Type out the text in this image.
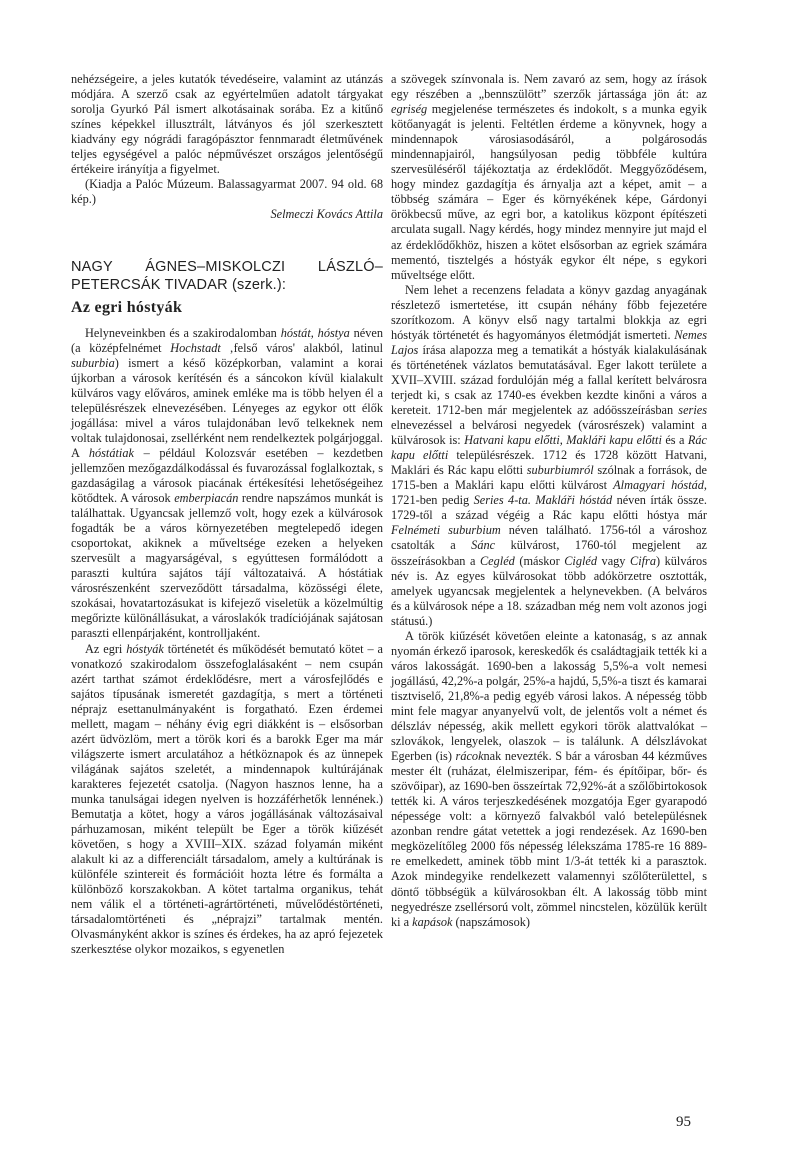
nehézségeire, a jeles kutatók tévedéseire, valamint az utánzás módjára. A szerző csak az egyértelműen adatolt tárgyakat sorolja Gyurkó Pál ismert alkotásainak sorába. Ez a kitűnő színes képekkel illusztrált, látványos és jól szerkesztett kiadvány egy nógrádi faragópásztor fennmaradt életművének teljes egységével a palóc népművészet országos jelentőségű értékeire irányítja a figyelmet.

(Kiadja a Palóc Múzeum. Balassagyarmat 2007. 94 old. 68 kép.)

Selmeczi Kovács Attila

NAGY ÁGNES–MISKOLCZI LÁSZLÓ–PETERCSÁK TIVADAR (szerk.):
Az egri hóstyák

Helyneveinkben és a szakirodalomban hóstát, hóstya néven (a középfelnémet Hochstadt ‚felső város' alakból, latinul suburbia) ismert a késő középkorban, valamint a korai újkorban a városok kerítésén és a sáncokon kívül kialakult külváros vagy előváros, aminek emléke ma is több helyen él a településrészek elnevezésében. Lényeges az egykor ott élők jogállása: mivel a város tulajdonában levő telkeknek nem voltak tulajdonosai, zsellérként nem rendelkeztek polgárjoggal. A hóstátiak – például Kolozsvár esetében – kezdetben jellemzően mezőgazdálkodással és fuvarozással foglalkoztak, s gazdaságilag a városok piacának értékesítési lehetőségeihez kötődtek. A városok emberpiacán rendre napszámos munkát is találhattak. Ugyancsak jellemző volt, hogy ezek a külvárosok fogadták be a város környezetében megtelepedő idegen csoportokat, akiknek a műveltsége ezeken a helyeken szervesült a magyarságéval, s egyúttesen formálódott a paraszti kultúra sajátos tájí változataivá. A hóstátiak városrészenként szerveződött társadalma, közösségi élete, szokásai, hovatartozásukat is kifejező viseletük a közelmúltig megőrizte különállásukat, a városlakók tradíciójának sajátosan paraszti ellenpárjaként, kontrolljaként.

Az egri hóstyák történetét és működését bemutató kötet – a vonatkozó szakirodalom összefoglalásaként – nem csupán azért tarthat számot érdeklődésre, mert a városfejlődés e sajátos típusának ismeretét gazdagítja, s mert a történeti néprajz esettanulmányaként is forgatható. Ezen érdemei mellett, magam – néhány évig egri diákként is – elsősorban azért üdvözlöm, mert a török kori és a barokk Eger ma már világszerte ismert arculatához a hétköznapok és az ünnepek világának sajátos szeletét, a mindennapok kultúrájának karakteres fejezetét csatolja. (Nagyon hasznos lenne, ha a munka tanulságai idegen nyelven is hozzáférhetők lennének.) Bemutatja a kötet, hogy a város jogállásának változásaival párhuzamosan, miként települt be Eger a török kiűzését követően, s hogy a XVIII–XIX. század folyamán miként alakult ki az a differenciált társadalom, amely a kultúrának is különféle szintereit és formációit hozta létre és formálta a különböző korszakokban. A kötet tartalma organikus, tehát nem válik el a történeti-agrártörténeti, művelődéstörténeti, társadalomtörténeti és „néprajzi” tartalmak mentén. Olvasmányként akkor is színes és érdekes, ha az apró fejezetek szerkesztése olykor mozaikos, s egyenetlen

a szövegek színvonala is. Nem zavaró az sem, hogy az írások egy részében a „bennszülött” szerzők jártassága jön át: az egriség megjelenése természetes és indokolt, s a munka egyik kötőanyagát is jelenti. Feltétlen érdeme a könyvnek, hogy a mindennapok városiasodásáról, a polgárosodás mindennapjairól, hangsúlyosan pedig többféle kultúra szervesüléséről tájékoztatja az érdeklődőt. Meggyőződésem, hogy mindez gazdagítja és árnyalja azt a képet, amit – a többség számára – Eger és környékének képe, Gárdonyi örökbecsű műve, az egri bor, a katolikus központ építészeti arculata sugall. Nagy kérdés, hogy mindez mennyire jut majd el az érdeklődőkhöz, hiszen a kötet elsősorban az egriek számára mementó, tisztelgés a hóstyák egykor élt népe, s egykori műveltsége előtt.

Nem lehet a recenzens feladata a könyv gazdag anyagának részletező ismertetése, itt csupán néhány főbb fejezetére szorítkozom. A könyv első nagy tartalmi blokkja az egri hóstyák történetét és hagyományos életmódját ismerteti. Nemes Lajos írása alapozza meg a tematikát a hóstyák kialakulásának és történetének vázlatos bemutatásával. Eger lakott területe a XVII–XVIII. század fordulóján még a fallal kerített belvárosra terjedt ki, s csak az 1740-es években kezdte kinőni a város a kereteit. 1712-ben már megjelentek az adóösszeírásban series elnevezéssel a belvárosi negyedek (városrészek) valamint a külvárosok is: Hatvani kapu előtti, Makláři kapu előtti és a Rác kapu előtti településrészek. 1712 és 1728 között Hatvani, Maklári és Rác kapu előtti suburbiumról szólnak a források, de 1715-ben a Maklári kapu előtti külvárost Almagyari hóstád, 1721-ben pedig Series 4-ta. Makláři hóstád néven írták össze. 1729-től a század végéig a Rác kapu előtti hóstya már Felnémeti suburbium néven található. 1756-tól a városhoz csatolták a Sánc külvárost, 1760-tól megjelent az összeírásokban a Cegléd (máskor Cigléd vagy Cifra) külváros név is. Az egyes külvárosokat több adókörzetre osztották, amelyek ugyancsak megjelentek a helynevekben. (A belváros és a külvárosok népe a 18. században még nem volt azonos jogi státusú.)

A török kiűzését követően eleinte a katonaság, s az annak nyomán érkező iparosok, kereskedők és családtagjaik tették ki a város lakosságát. 1690-ben a lakosság 5,5%-a volt nemesi jogállású, 42,2%-a polgár, 25%-a hajdú, 5,5%-a tiszt és kamarai tisztviselő, 21,8%-a pedig egyéb városi lakos. A népesség több mint fele magyar anyanyelvű volt, de jelentős volt a német és délszláv népesség, akik mellett egykori török alattvalókat – szlovákok, lengyelek, olaszok – is találunk. A délszlávokat Egerben (is) rácoknak nevezték. S bár a városban 44 kézműves mester élt (ruházat, élelmiszeripar, fém- és építőipar, bőr- és szövőipar), az 1690-ben összeírtak 72,92%-át a szőlőbirtokosok tették ki. A város terjeszkedésének mozgatója Eger gyarapodó népessége volt: a környező falvakból való betelepülésnek azonban rendre gátat vetettek a jogi rendezések. Az 1690-ben megközelítőleg 2000 fős népesség lélekszáma 1785-re 16 889-re emelkedett, aminek több mint 1/3-át tették ki a parasztok. Azok mindegyike rendelkezett valamennyi szőlőterülettel, s döntő többségük a külvárosokban élt. A lakosság több mint negyedrésze zsellérsorú volt, zömmel nincstelen, közülük került ki a kapások (napszámosok)

95
